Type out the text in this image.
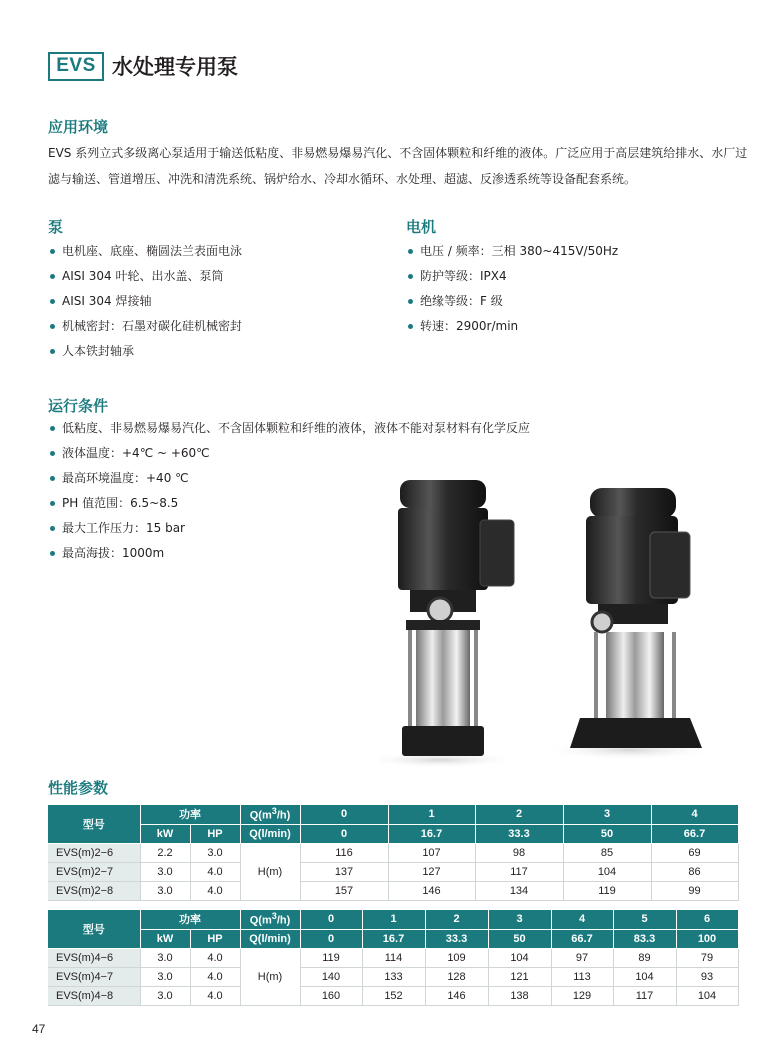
EVS 水处理专用泵
应用环境
EVS 系列立式多级离心泵适用于输送低粘度、非易燃易爆易汽化、不含固体颗粒和纤维的液体。广泛应用于高层建筑给排水、水厂过滤与输送、管道增压、冲洗和清洗系统、锅炉给水、冷却水循环、水处理、超滤、反渗透系统等设备配套系统。
泵
电机座、底座、椭圆法兰表面电泳
AISI 304 叶轮、出水盖、泵筒
AISI 304 焊接轴
机械密封：石墨对碳化硅机械密封
人本铁封轴承
电机
电压 / 频率：三相 380~415V/50Hz
防护等级：IPX4
绝缘等级：F 级
转速：2900r/min
运行条件
低粘度、非易燃易爆易汽化、不含固体颗粒和纤维的液体，液体不能对泵材料有化学反应
液体温度：+4℃ ~ +60℃
最高环境温度：+40 ℃
PH 值范围：6.5~8.5
最大工作压力：15 bar
最高海拔：1000m
性能参数
型号	功率		$Q(m^3/h)$	0	1	2	3	4
	kW	HP	Q(l/min)	0	16.7	33.3	50	66.7
EVS(m)2−6	2.2	3.0	H(m)	116	107	98	85	69
EVS(m)2−7	3.0	4.0		137	127	117	104	86
EVS(m)2−8	3.0	4.0		157	146	134	119	99
型号	功率		$Q(m^3/h)$	0	1	2	3	4	5	6
	kW	HP	Q(l/min)	0	16.7	33.3	50	66.7	83.3	100
EVS(m)4−6	3.0	4.0	H(m)	119	114	109	104	97	89	79
EVS(m)4−7	3.0	4.0		140	133	128	121	113	104	93
EVS(m)4−8	3.0	4.0		160	152	146	138	129	117	104
47
